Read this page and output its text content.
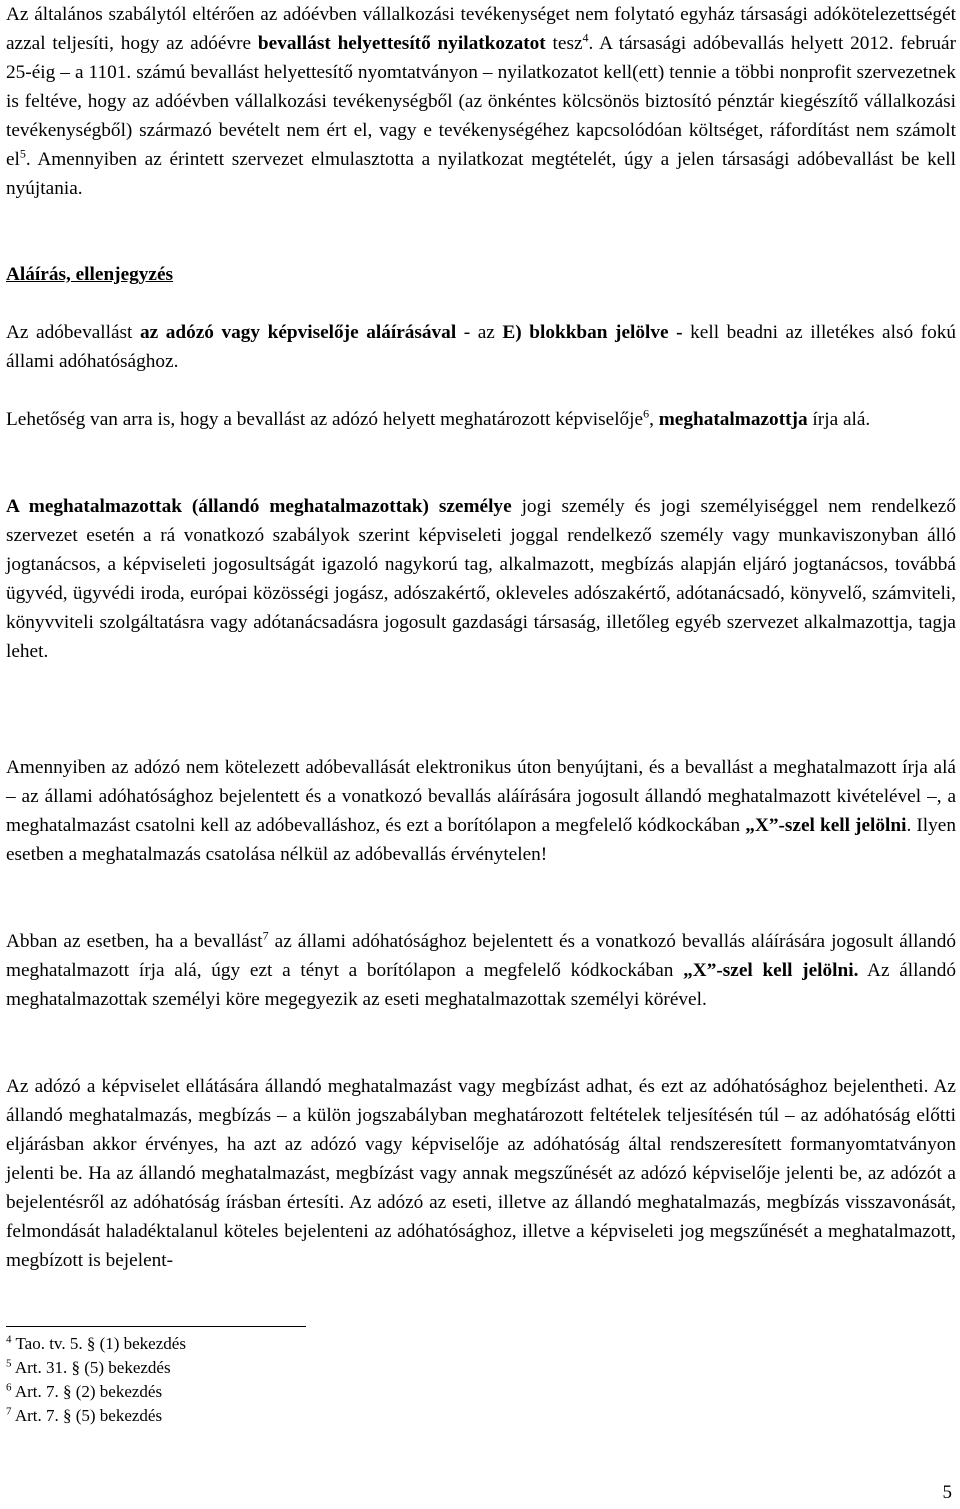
Az általános szabálytól eltérően az adóévben vállalkozási tevékenységet nem folytató egyház társasági adókötelezettségét azzal teljesíti, hogy az adóévre bevallást helyettesítő nyilatkozatot tesz$^4$. A társasági adóbevallás helyett 2012. február 25-éig – a 1101. számú bevallást helyettesítő nyomtatványon – nyilatkozatot kell(ett) tennie a többi nonprofit szervezetnek is feltéve, hogy az adóévben vállalkozási tevékenységből (az önkéntes kölcsönös biztosító pénztár kiegészítő vállalkozási tevékenységből) származó bevételt nem ért el, vagy e tevékenységéhez kapcsolódóan költséget, ráfordítást nem számolt $el^5$. Amennyiben az érintett szervezet elmulasztotta a nyilatkozat megtételét, úgy a jelen társasági adóbevallást be kell nyújtania.

Aláírás, ellenjegyzés

Az adóbevallást az adózó vagy képviselője aláírásával - az E) blokkban jelölve - kell beadni az illetékes alsó fokú állami adóhatósághoz.

Lehetőség van arra is, hogy a bevallást az adózó helyett meghatározott képviselője$^6$, meghatalmazottja írja alá.

A meghatalmazottak (állandó meghatalmazottak) személye jogi személy és jogi személyiséggel nem rendelkező szervezet esetén a rá vonatkozó szabályok szerint képviseleti joggal rendelkező személy vagy munkaviszonyban álló jogtanácsos, a képviseleti jogosultságát igazoló nagykorú tag, alkalmazott, megbízás alapján eljáró jogtanácsos, továbbá ügyvéd, ügyvédi iroda, európai közösségi jogász, adószakértő, okleveles adószakértő, adótanácsadó, könyvelő, számviteli, könyvviteli szolgáltatásra vagy adótanácsadásra jogosult gazdasági társaság, illetőleg egyéb szervezet alkalmazottja, tagja lehet.

Amennyiben az adózó nem kötelezett adóbevallását elektronikus úton benyújtani, és a bevallást a meghatalmazott írja alá – az állami adóhatósághoz bejelentett és a vonatkozó bevallás aláírására jogosult állandó meghatalmazott kivételével –, a meghatalmazást csatolni kell az adóbevalláshoz, és ezt a borítólapon a megfelelő kódkockában „X”-szel kell jelölni. Ilyen esetben a meghatalmazás csatolása nélkül az adóbevallás érvénytelen!

Abban az esetben, ha a bevallást$^7$ az állami adóhatósághoz bejelentett és a vonatkozó bevallás aláírására jogosult állandó meghatalmazott írja alá, úgy ezt a tényt a borítólapon a megfelelő kódkockában „X”-szel kell jelölni. Az állandó meghatalmazottak személyi köre megegyezik az eseti meghatalmazottak személyi körével.

Az adózó a képviselet ellátására állandó meghatalmazást vagy megbízást adhat, és ezt az adóhatósághoz bejelentheti. Az állandó meghatalmazás, megbízás – a külön jogszabályban meghatározott feltételek teljesítésén túl – az adóhatóság előtti eljárásban akkor érvényes, ha azt az adózó vagy képviselője az adóhatóság által rendszeresített formanyomtatványon jelenti be. Ha az állandó meghatalmazást, megbízást vagy annak megszűnését az adózó képviselője jelenti be, az adózót a bejelentésről az adóhatóság írásban értesíti. Az adózó az eseti, illetve az állandó meghatalmazás, megbízás visszavonását, felmondását haladéktalanul köteles bejelenteni az adóhatósághoz, illetve a képviseleti jog megszűnését a meghatalmazott, megbízott is bejelent-

$^4$ Tao. tv. 5. § (1) bekezdés
$^5$ Art. 31. § (5) bekezdés
$^6$ Art. 7. § (2) bekezdés
$^7$ Art. 7. § (5) bekezdés
5
